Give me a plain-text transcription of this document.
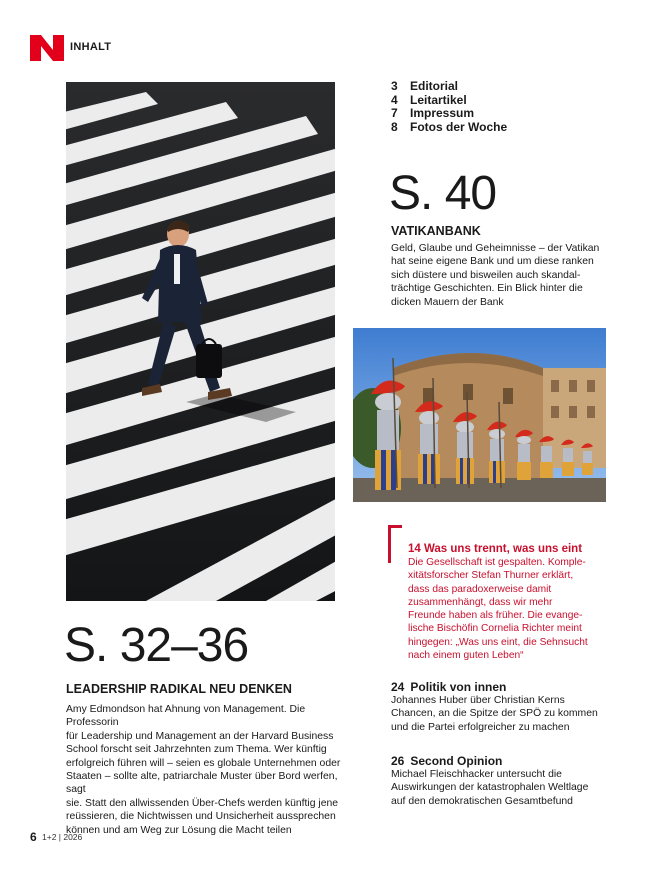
INHALT
3	Editorial
4	Leitartikel
7	Impressum
8	Fotos der Woche
S. 40
VATIKANBANK
Geld, Glaube und Geheimnisse – der Vatikan
hat seine eigene Bank und um diese ranken
sich düstere und bisweilen auch skandal-
trächtige Geschichten. Ein Blick hinter die
dicken Mauern der Bank
14 Was uns trennt, was uns eint
Die Gesellschaft ist gespalten. Komple-
xitätsforscher Stefan Thurner erklärt,
dass das paradoxerweise damit
zusammenhängt, dass wir mehr
Freunde haben als früher. Die evange-
lische Bischöfin Cornelia Richter meint
hingegen: „Was uns eint, die Sehnsucht
nach einem guten Leben“
S. 32–36
LEADERSHIP RADIKAL NEU DENKEN
Amy Edmondson hat Ahnung von Management. Die Professorin
für Leadership und Management an der Harvard Business
School forscht seit Jahrzehnten zum Thema. Wer künftig
erfolgreich führen will – seien es globale Unternehmen oder
Staaten – sollte alte, patriarchale Muster über Bord werfen, sagt
sie. Statt den allwissenden Über-Chefs werden künftig jene
reüssieren, die Nichtwissen und Unsicherheit aussprechen
können und am Weg zur Lösung die Macht teilen
24 Politik von innen
Johannes Huber über Christian Kerns
Chancen, an die Spitze der SPÖ zu kommen
und die Partei erfolgreicher zu machen
26 Second Opinion
Michael Fleischhacker untersucht die
Auswirkungen der katastrophalen Weltlage
auf den demokratischen Gesamtbefund
6 1+2 | 2026
